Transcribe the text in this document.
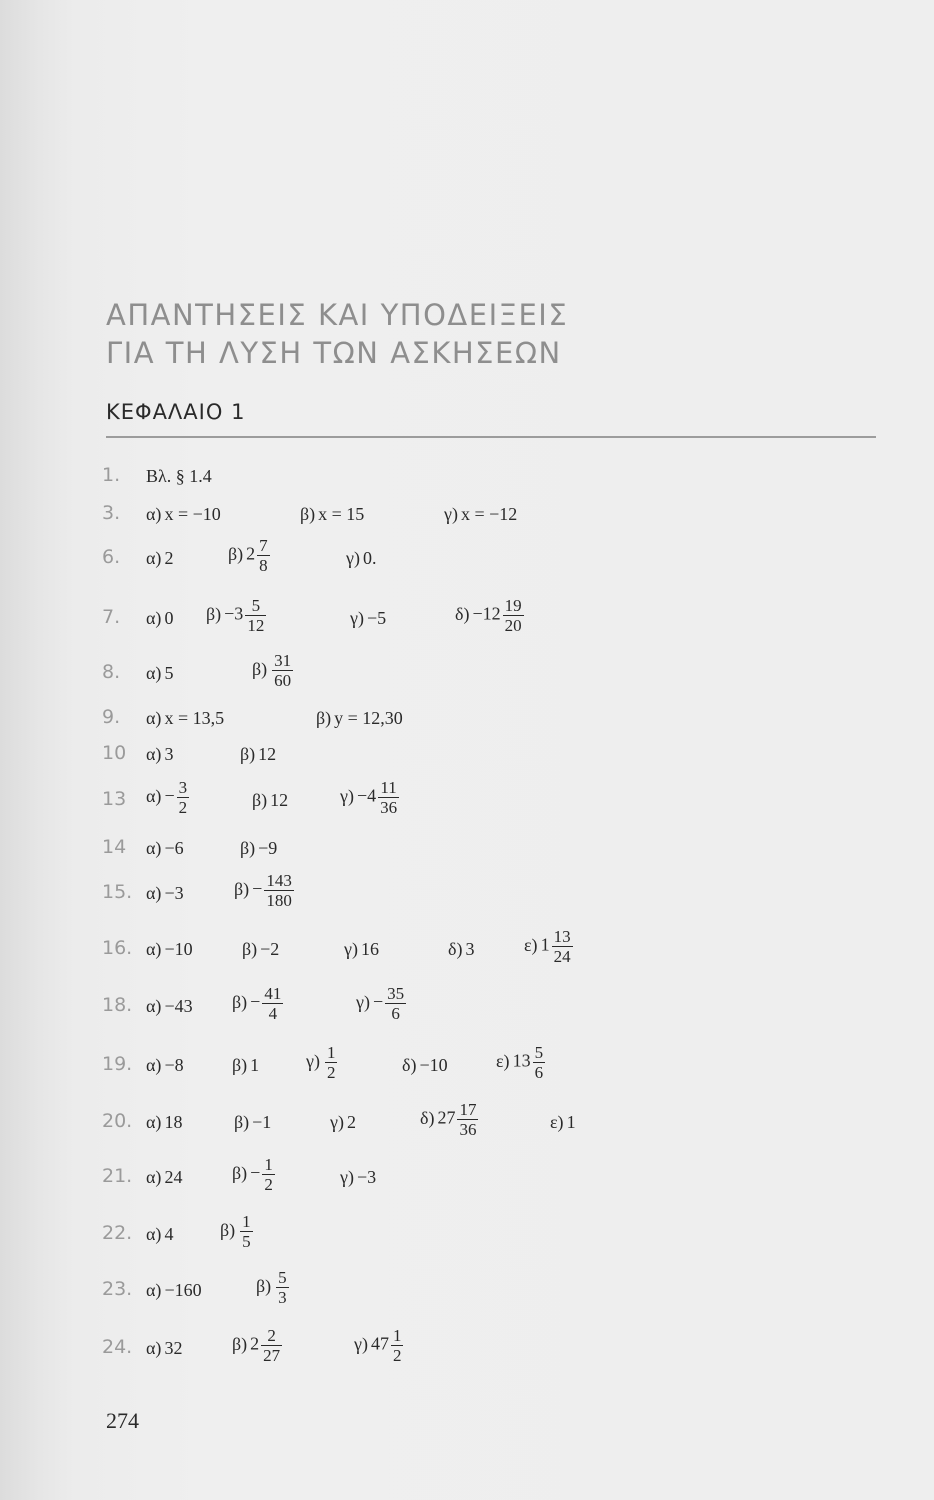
ΑΠΑΝΤΗΣΕΙΣ ΚΑΙ ΥΠΟΔΕΙΞΕΙΣ
ΓΙΑ ΤΗ ΛΥΣΗ ΤΩΝ ΑΣΚΗΣΕΩΝ
ΚΕΦΑΛΑΙΟ 1
1. Βλ. § 1.4
3. α) x = −10	β) x = 15	γ) x = −12
6. α) 2	β) $2 \frac{7}{8}$	γ) 0.
7. α) 0 $\beta) -3 \frac{5}{12}$	γ) −5	$\delta) -12 \frac{19}{20}$
8. α) 5	$\beta) \frac{31}{60}$
9. α) x = 13,5	β) y = 12,30
10 α) 3	β) 12
13 $\alpha) - \frac{3}{2}$	β) 12	$\gamma) -4 \frac{11}{36}$
14 α) −6	β) −9
15. α) −3	$\beta) - \frac{143}{180}$
16. α) −10	β) −2	γ) 16	δ) 3	ε) $1 \frac{13}{24}$
18. α) −43 $\beta) - \frac{41}{4}$	$\gamma) - \frac{35}{6}$
19. α) −8	β) 1	$\gamma) \frac{1}{2}$	δ) −10	ε) $13 \frac{5}{6}$
20. α) 18	β) −1	γ) 2	δ) $27 \frac{17}{36}$	ε) 1
21. α) 24	$\beta) - \frac{1}{2}$	γ) −3
22. α) 4	$\beta) \frac{1}{5}$
23. α) −160	$\beta) \frac{5}{3}$
24. α) 32	β) $2 \frac{2}{27}$	γ) $47 \frac{1}{2}$
274
